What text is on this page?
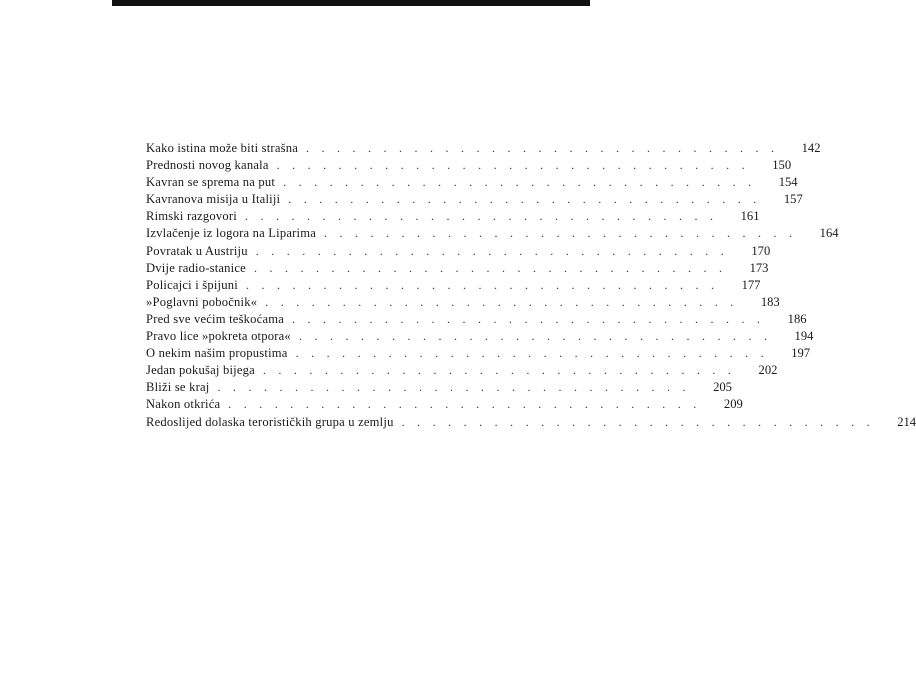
Kako istina može biti strašna ...............................	142
Prednosti novog kanala ...............................	150
Kavran se sprema na put ...............................	154
Kavranova misija u Italiji ...............................	157
Rimski razgovori ...............................	161
Izvlačenje iz logora na Liparima ...............................	164
Povratak u Austriju ...............................	170
Dvije radio-stanice ...............................	173
Policajci i špijuni ...............................	177
»Poglavni pobočnik« ...............................	183
Pred sve većim teškoćama ...............................	186
Pravo lice »pokreta otpora« ...............................	194
O nekim našim propustima ...............................	197
Jedan pokušaj bijega ...............................	202
Bliži se kraj ...............................	205
Nakon otkrića ...............................	209
Redoslijed dolaska terorističkih grupa u zemlju ...............................	214
